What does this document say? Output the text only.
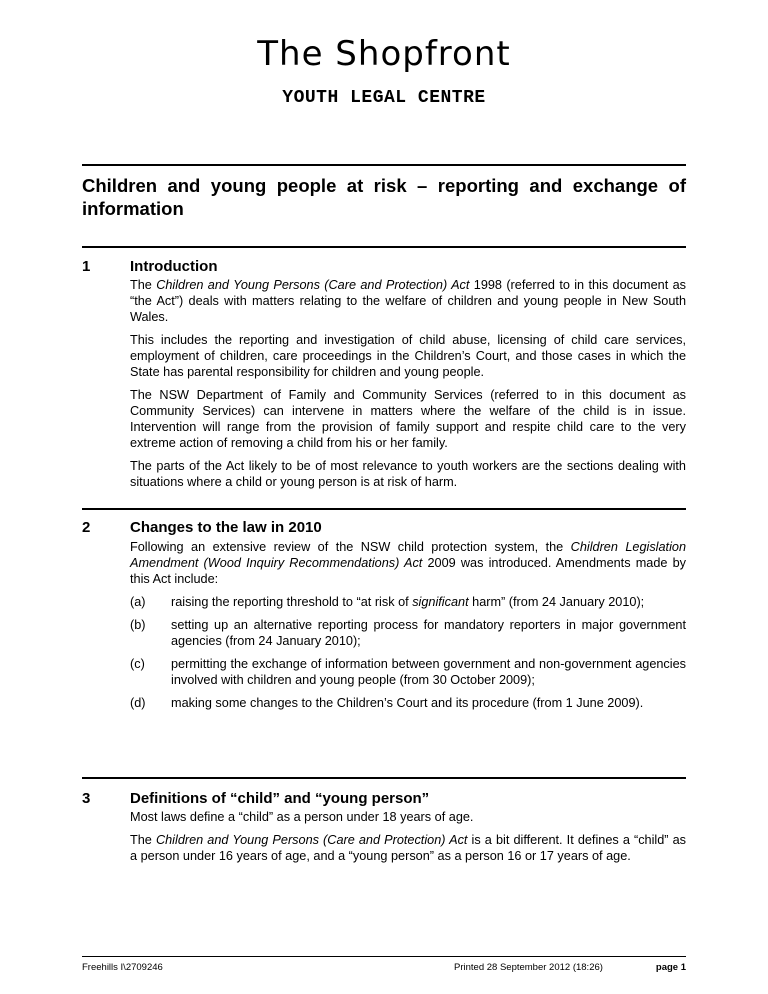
The Shopfront
YOUTH LEGAL CENTRE
Children and young people at risk – reporting and exchange of information
1	Introduction

The Children and Young Persons (Care and Protection) Act 1998 (referred to in this document as “the Act”) deals with matters relating to the welfare of children and young people in New South Wales.

This includes the reporting and investigation of child abuse, licensing of child care services, employment of children, care proceedings in the Children’s Court, and those cases in which the State has parental responsibility for children and young people.

The NSW Department of Family and Community Services (referred to in this document as Community Services) can intervene in matters where the welfare of the child is in issue. Intervention will range from the provision of family support and respite child care to the very extreme action of removing a child from his or her family.

The parts of the Act likely to be of most relevance to youth workers are the sections dealing with situations where a child or young person is at risk of harm.

2	Changes to the law in 2010

Following an extensive review of the NSW child protection system, the Children Legislation Amendment (Wood Inquiry Recommendations) Act 2009 was introduced. Amendments made by this Act include:

(a)	raising the reporting threshold to “at risk of significant harm” (from 24 January 2010);
(b)	setting up an alternative reporting process for mandatory reporters in major government agencies (from 24 January 2010);
(c)	permitting the exchange of information between government and non-government agencies involved with children and young people (from 30 October 2009);
(d)	making some changes to the Children’s Court and its procedure (from 1 June 2009).
3	Definitions of “child” and “young person”

Most laws define a “child” as a person under 18 years of age.

The Children and Young Persons (Care and Protection) Act is a bit different. It defines a “child” as a person under 16 years of age, and a “young person” as a person 16 or 17 years of age.

Freehills I\2709246	Printed 28 September 2012 (18:26)	page 1
